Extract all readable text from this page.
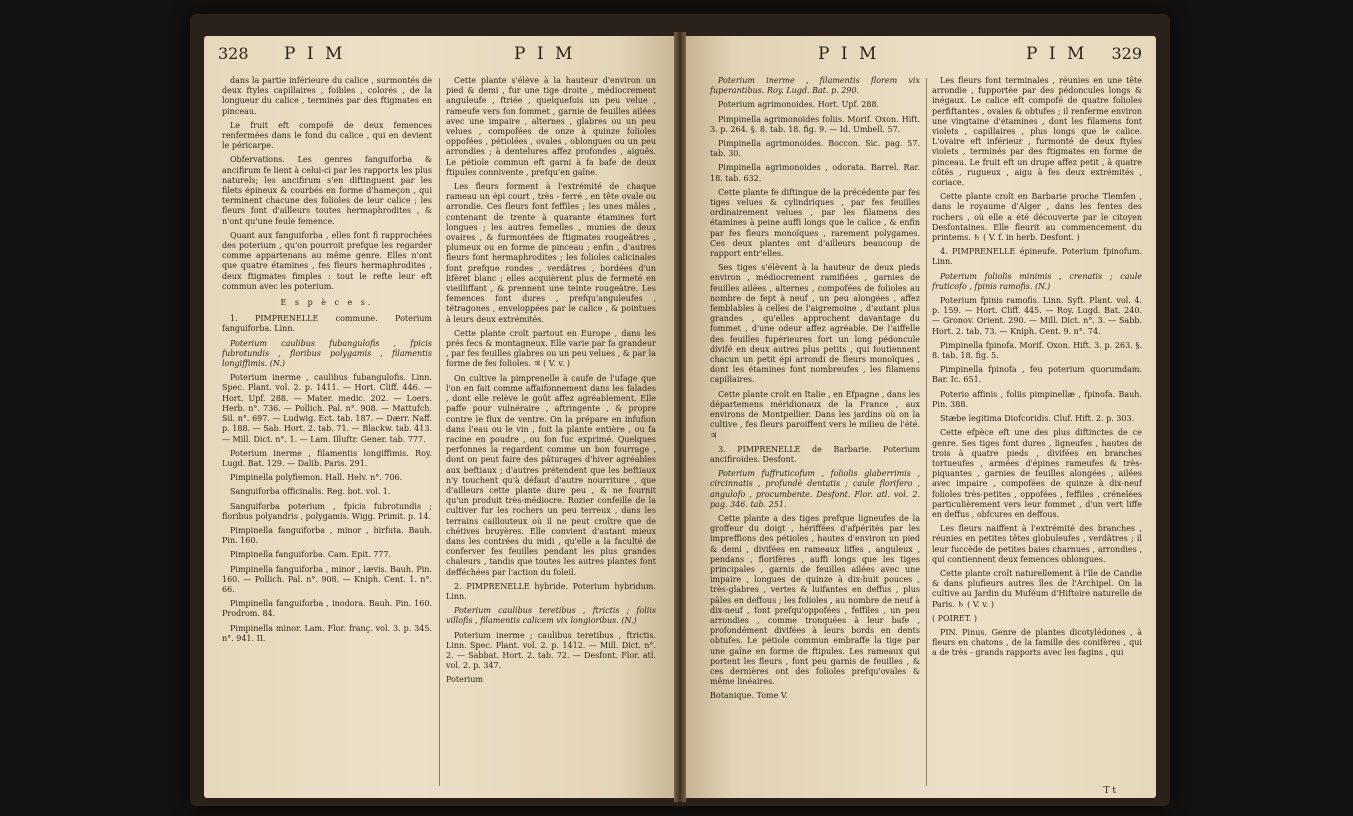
328 P I M	P I M

dans la partie inférieure du calice , surmontés de deux ftyles capillaires , foibles , colorés , de la longueur du calice , terminés par des ftigmates en pinceau.

Le fruit eft compofé de deux femences renfermées dans le fond du calice , qui en devient le péricarpe.

Obfervations. Les genres fanguiforba & ancifirum fe lient à celui-ci par les rapports les plus naturels; les ancifirum s'en diftinguent par les filets épineux & courbés en forme d'hameçon , qui terminent chacune des folioles de leur calice ; les fleurs font d'ailleurs toutes hermaphrodites , & n'ont qu'une feule femence.

Quant aux fanguiforba , elles font fi rapprochées des poterium , qu'on pourroit prefque les regarder comme appartenans au même genre. Elles n'ont que quatre étamines , fes fleurs hermaphrodites , deux ftigmates fimples : tout le refte leur eft commun avec les poterium.

E s p è c e s.

1. PIMPRENELLE commune. Poterium fanguiforba. Linn.

Poterium caulibus fubangulofis , fpicis fubrotundis , floribus polygamis , filamentis longiffimis. (N.)

Poterium inerme , caulibus fubangulofis. Linn. Spec. Plant. vol. 2. p. 1411. — Hort. Cliff. 446. — Hort. Upf. 288. — Mater. medic. 202. — Loers. Herb. n°. 736. — Pollich. Pal. n°. 908. — Mattufch. Sil. n°. 697. — Ludwig. Ect. tab. 187. — Dærr. Naff. p. 188. — Sab. Hort. 2. tab. 71. — Blackw. tab. 413. — Mill. Dict. n°. 1. — Lam. Illuftr. Gener. tab. 777.

Poterium inerme , filamentis longiffimis. Roy. Lugd. Bat. 129. — Dalib. Paris. 291.

Pimpinella polyfiemon. Hall. Helv. n°. 706.

Sanguiforba officinalis. Reg. bot. vol. 1.

Sanguiforba poterium , fpicis fubrotundis ; floribus polyandris , polygamis. Wigg. Primit. p. 14.

Pimpinella fanguiforba , minor , hirfuta. Bauh. Pin. 160.

Pimpinella fanguiforba. Cam. Epit. 777.

Pimpinella fanguiforba , minor , lævis. Bauh. Pin. 160. — Pollich. Pal. n°. 908. — Kniph. Cent. 1. n°. 66.

Pimpinella fanguiforba , inodora. Bauh. Pin. 160. Prodrom. 84.

Pimpinella minor. Lam. Flor. franç. vol. 3. p. 345. n°. 941. II.

Cette plante s'élève à la hauteur d'environ un pied & demi , fur une tige droite , médiocrement anguleufe , ftriée , quelquefois un peu velue , rameufe vers fon fommet , garnie de feuilles ailées avec une impaire , alternes , glabres ou un peu velues , compofées de onze à quinze folioles oppofées , pétiolées , ovales , oblongues ou un peu arrondies ; à dentelures affez profondes , aiguës. Le pétiole commun eft garni à fa bafe de deux ftipules connivente , prefqu'en gaîne.

Les fleurs forment à l'extrémité de chaque rameau un épi court , très - ferré , en tête ovale ou arrondie. Ces fleurs font feffiles ; les unes mâles , contenant de trente à quarante étamines fort longues ; les autres femelles , munies de deux ovaires , & furmontées de ftigmates rougeâtres , plumeux ou en forme de pinceau ; enfin , d'autres fleurs font hermaphrodites ; les folioles calicinales font prefque rondes , verdâtres , bordées d'un lifèret blanc ; elles acquièrent plus de fermeté en vieilliffant , & prennent une teinte rougeâtre. Les femences font dures , prefqu'anguleufes , tétragones , enveloppées par le calice , & pointues à leurs deux extrémités.

Cette plante croît partout en Europe , dans les prés fecs & montagneux. Elle varie par fa grandeur , par fes feuilles glabres ou un peu velues , & par la forme de fes folioles. ♃ ( V. v. )

On cultive la pimprenelle à caufe de l'ufage que l'on en fait comme affaifonnement dans les falades , dont elle relève le goût affez agréablement. Elle paffe pour vulnéraire , aftringente , & propre contre le flux de ventre. On la prépare en infufion dans l'eau ou le vin , foit la plante entière , ou fa racine en poudre , ou fon fuc exprimé. Quelques perfonnes la regardent comme un bon fourrage , dont on peut faire des pâturages d'hiver agréables aux beftiaux ; d'autres prétendent que les beftiaux n'y touchent qu'à défaut d'autre nourriture , que d'ailleurs cette plante dure peu , & ne fournit qu'un produit très-médiocre. Rozier confeille de la cultiver fur les rochers un peu terreux , dans les terrains caillouteux où il ne peut croître que de chétives bruyères. Elle convient d'autant mieux dans les contrées du midi , qu'elle a la faculté de conferver fes feuilles pendant les plus grandes chaleurs , tandis que toutes les autres plantes font defféchées par l'action du foleil.

2. PIMPRENELLE hybride. Poterium hybridum. Linn.

Poterium caulibus teretibus , ftrictis ; foliis villofis , filamentis calicem vix longioribus. (N.)

Poterium inerme ; caulibus teretibus , ftrictis. Linn. Spec. Plant. vol. 2. p. 1412. — Mill. Dict. n°. 2. — Sabbat. Hort. 2. tab. 72. — Desfont. Flor. atl. vol. 2. p. 347.

Poterium

P I M	P I M 329

Poterium inerme , filamentis florem vix fuperantibus. Roy. Lugd. Bat. p. 290.

Poterium agrimonoides. Hort. Upf. 288.

Pimpinella agrimonoides foliis. Morif. Oxon. Hift. 3. p. 264. §. 8. tab. 18. fig. 9. — Id. Umbell. 57.

Pimpinella agrimonoides. Boccon. Sic. pag. 57. tab. 30.

Pimpinella agrimonoides , odorata. Barrel. Rar. 18. tab. 632.

Cette plante fe diftingue de la précédente par fes tiges velues & cylindriques , par fes feuilles ordinairement velues , par les filamens des étamines à peine auffi longs que le calice , & enfin par fes fleurs monoïques , rarement polygames. Ces deux plantes ont d'ailleurs beaucoup de rapport entr'elles.

Ses tiges s'élèvent à la hauteur de deux pieds environ , médiocrement ramifiées , garnies de feuilles ailées , alternes , compofées de folioles au nombre de fept à neuf , un peu alongées , affez femblables à celles de l'aigremoine , d'autant plus grandes , qu'elles approchent davantage du fommet , d'une odeur affez agréable. De l'aiffelle des feuilles fupérieures fort un long pédoncule divifé en deux autres plus petits , qui foutiennent chacun un petit épi arrondi de fleurs monoïques , dont les étamines font nombreufes , les filamens capillaires.

Cette plante croît en Italie , en Efpagne , dans les départemens méridionaux de la France , aux environs de Montpellier. Dans les jardins où on la cultive , fes fleurs paroiffent vers le milieu de l'été. ♃

3. PIMPRENELLE de Barbarie. Poterium ancifiroides. Desfont.

Poterium fuffruticofum , foliolis glaberrimis , circinnatis , profundè dentatis ; caule florifero , angulofo , procumbente. Desfont. Flor. atl. vol. 2. pag. 346. tab. 251.

Cette plante a des tiges prefque ligneufes de la groffeur du doigt , hériffées d'afpérités par les impreffions des pétioles , hautes d'environ un pied & demi , divifées en rameaux liffes , anguleux , pendans , florifères , auffi longs que les tiges principales , garnis de feuilles ailées avec une impaire , longues de quinze à dix-huit pouces , très-glabres , vertes & luifantes en deffus , plus pâles en deffous ; les folioles , au nombre de neuf à dix-neuf , font prefqu'oppofées , feffiles , un peu arrondies , comme tronquées à leur bafe , profondément divifées à leurs bords en dents obtufes. Le pétiole commun embraffe la tige par une gaîne en forme de ftipules. Les rameaux qui portent les fleurs , font peu garnis de feuilles , & ces dernières ont des folioles prefqu'ovales & même linéaires.

Botanique. Tome V.

Les fleurs font terminales , réunies en une tête arrondie , fupportée par des pédoncules longs & inégaux. Le calice eft compofé de quatre folioles perfiftantes , ovales & obtufes ; il renferme environ une vingtaine d'étamines , dont les filamens font violets , capillaires , plus longs que le calice. L'ovaire eft inférieur , furmonté de deux ftyles violets , terminés par des ftigmates en forme de pinceau. Le fruit eft un drupe affez petit , à quatre côtés , rugueux , aigu à fes deux extrémités , coriace.

Cette plante croît en Barbarie proche Tlemfen , dans le royaume d'Alger , dans les fentes des rochers , où elle a été découverte par le citoyen Desfontaines. Elle fleurit au commencement du printems. ♄ ( V. f. in herb. Desfont. )

4. PIMPRENELLE épineufe. Poterium fpinofum. Linn.

Poterium foliolis minimis , crenatis ; caule fruticofo , fpinis ramofis. (N.)

Poterium fpinis ramofis. Linn. Syft. Plant. vol. 4. p. 159. — Hort. Cliff. 445. — Roy. Lugd. Bat. 240. — Gronov. Orient. 290. — Mill. Dict. n°. 3. — Sabb. Hort. 2. tab. 73. — Kniph. Cent. 9. n°. 74.

Pimpinella fpinofa. Morif. Oxon. Hift. 3. p. 263. §. 8. tab. 18. fig. 5.

Pimpinella fpinofa , feu poterium quorumdam. Bar. Ic. 651.

Poterio affinis , foliis pimpinellæ , fpinofa. Bauh. Pin. 388.

Stæbe legitima Diofcoridis. Cluf. Hift. 2. p. 303.

Cette efpèce eft une des plus diftinctes de ce genre. Ses tiges font dures , ligneufes , hautes de trois à quatre pieds , divifées en branches tortueufes , armées d'épines rameufes & très-piquantes , garnies de feuilles alongées , ailées avec impaire , compofées de quinze à dix-neuf folioles très-petites , oppofées , feffiles , crénelées particulièrement vers leur fommet , d'un vert liffe en deffus , obfcures en deffous.

Les fleurs naiffent à l'extrémité des branches , réunies en petites têtes globuleufes , verdâtres ; il leur fuccède de petites baies charnues , arrondies , qui contiennent deux femences oblongues.

Cette plante croît naturellement à l'île de Candie & dans plufieurs autres îles de l'Archipel. On la cultive au Jardin du Muféum d'Hiftoire naturelle de Paris. ♄ ( V. v. )

( POIRET. )

PIN. Pinus. Genre de plantes dicotylédones , à fleurs en chatons , de la famille des conifères , qui a de très - grands rapports avec les fagins , qui

T t
